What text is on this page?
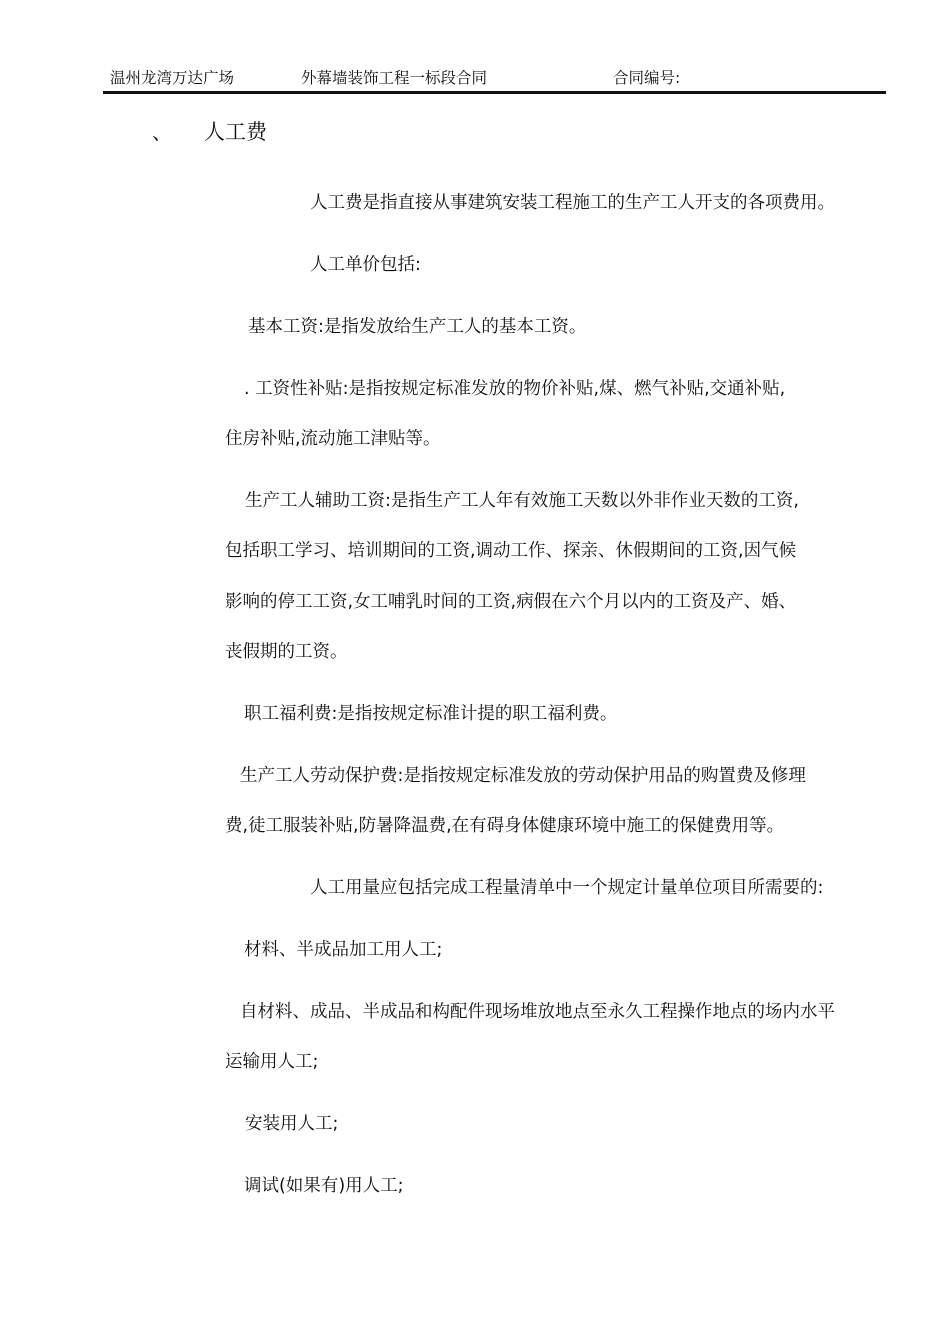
温州龙湾万达广场	外幕墙装饰工程一标段合同	合同编号:
、 人工费
人工费是指直接从事建筑安装工程施工的生产工人开支的各项费用。
人工单价包括:
基本工资:是指发放给生产工人的基本工资。
. 工资性补贴:是指按规定标准发放的物价补贴,煤、燃气补贴,交通补贴,
住房补贴,流动施工津贴等。
生产工人辅助工资:是指生产工人年有效施工天数以外非作业天数的工资,
包括职工学习、培训期间的工资,调动工作、探亲、休假期间的工资,因气候
影响的停工工资,女工哺乳时间的工资,病假在六个月以内的工资及产、婚、
丧假期的工资。
职工福利费:是指按规定标准计提的职工福利费。
生产工人劳动保护费:是指按规定标准发放的劳动保护用品的购置费及修理
费,徒工服装补贴,防暑降温费,在有碍身体健康环境中施工的保健费用等。
人工用量应包括完成工程量清单中一个规定计量单位项目所需要的:
材料、半成品加工用人工;
自材料、成品、半成品和构配件现场堆放地点至永久工程操作地点的场内水平
运输用人工;
安装用人工;
调试(如果有)用人工;
